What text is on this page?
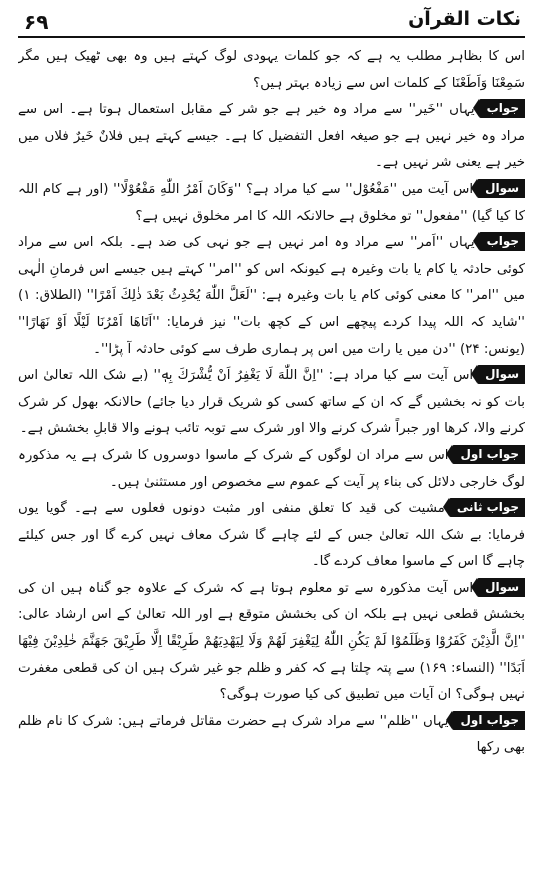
۶۹	نکات القرآن

اس کا بظاہر مطلب یہ ہے کہ جو کلمات یہودی لوگ کہتے ہیں وہ بھی ٹھیک ہیں مگر سَمِعْنَا وَاَطَعْنَا کے کلمات اس سے زیادہ بہتر ہیں؟

جوابیہاں ''خَیر'' سے مراد وہ خیر ہے جو شر کے مقابل استعمال ہوتا ہے۔ اس سے مراد وہ خیر نہیں ہے جو صیغہ افعل التفضیل کا ہے۔ جیسے کہتے ہیں فلانٌ خَیرٌ فلاں میں خیر ہے یعنی شر نہیں ہے۔

سوالاس آیت میں ''مَفْعُوْل'' سے کیا مراد ہے؟ ''وَكَانَ اَمْرُ اللّٰهِ مَفْعُوْلًا'' (اور ہے کام اللہ کا کیا گیا) ''مفعول'' تو مخلوق ہے حالانکہ اللہ کا امر مخلوق نہیں ہے؟

جوابیہاں ''اَمر'' سے مراد وہ امر نہیں ہے جو نہی کی ضد ہے۔ بلکہ اس سے مراد کوئی حادثہ یا کام یا بات وغیرہ ہے کیونکہ اس کو ''امر'' کہتے ہیں جیسے اس فرمانِ الٰہی میں ''امر'' کا معنی کوئی کام یا بات وغیرہ ہے: ''لَعَلَّ اللّٰهَ يُحْدِثُ بَعْدَ ذٰلِكَ اَمْرًا'' (الطلاق: ۱) ''شاید کہ اللہ پیدا کردے پیچھے اس کے کچھ بات'' نیز فرمایا: ''اَتَاهَا اَمْرُنَا لَيْلًا اَوْ نَهَارًا'' (یونس: ۲۴) ''دن میں یا رات میں اس پر ہماری طرف سے کوئی حادثہ آ پڑا''۔

سوالاس آیت سے کیا مراد ہے: ''اِنَّ اللّٰهَ لَا يَغْفِرُ اَنْ يُّشْرَكَ بِهٖ'' (بے شک اللہ تعالیٰ اس بات کو نہ بخشیں گے کہ ان کے ساتھ کسی کو شریک قرار دیا جائے) حالانکہ بھول کر شرک کرنے والا، کرھا اور جبراً شرک کرنے والا اور شرک سے توبہ تائب ہونے والا قابلِ بخشش ہے۔

جواب اولاس سے مراد ان لوگوں کے شرک کے ماسوا دوسروں کا شرک ہے یہ مذکورہ لوگ خارجی دلائل کی بناء پر آیت کے عموم سے مخصوص اور مستثنیٰ ہیں۔

جواب ثانیمشیت کی قید کا تعلق منفی اور مثبت دونوں فعلوں سے ہے۔ گویا یوں فرمایا: بے شک اللہ تعالیٰ جس کے لئے چاہے گا شرک معاف نہیں کرے گا اور جس کیلئے چاہے گا اس کے ماسوا معاف کردے گا۔

سوالاس آیت مذکورہ سے تو معلوم ہوتا ہے کہ شرک کے علاوہ جو گناہ ہیں ان کی بخشش قطعی نہیں ہے بلکہ ان کی بخشش متوقع ہے اور اللہ تعالیٰ کے اس ارشاد عالی: ''اِنَّ الَّذِيْنَ كَفَرُوْا وَظَلَمُوْا لَمْ يَكُنِ اللّٰهُ لِيَغْفِرَ لَهُمْ وَلَا لِيَهْدِيَهُمْ طَرِيْقًا اِلَّا طَرِيْقَ جَهَنَّمَ خٰلِدِيْنَ فِيْهَا اَبَدًا'' (النساء: ۱۶۹) سے پتہ چلتا ہے کہ کفر و ظلم جو غیر شرک ہیں ان کی قطعی مغفرت نہیں ہوگی؟ ان آیات میں تطبیق کی کیا صورت ہوگی؟

جواب اولیہاں ''ظلم'' سے مراد شرک ہے حضرت مقاتل فرماتے ہیں: شرک کا نام ظلم بھی رکھا
